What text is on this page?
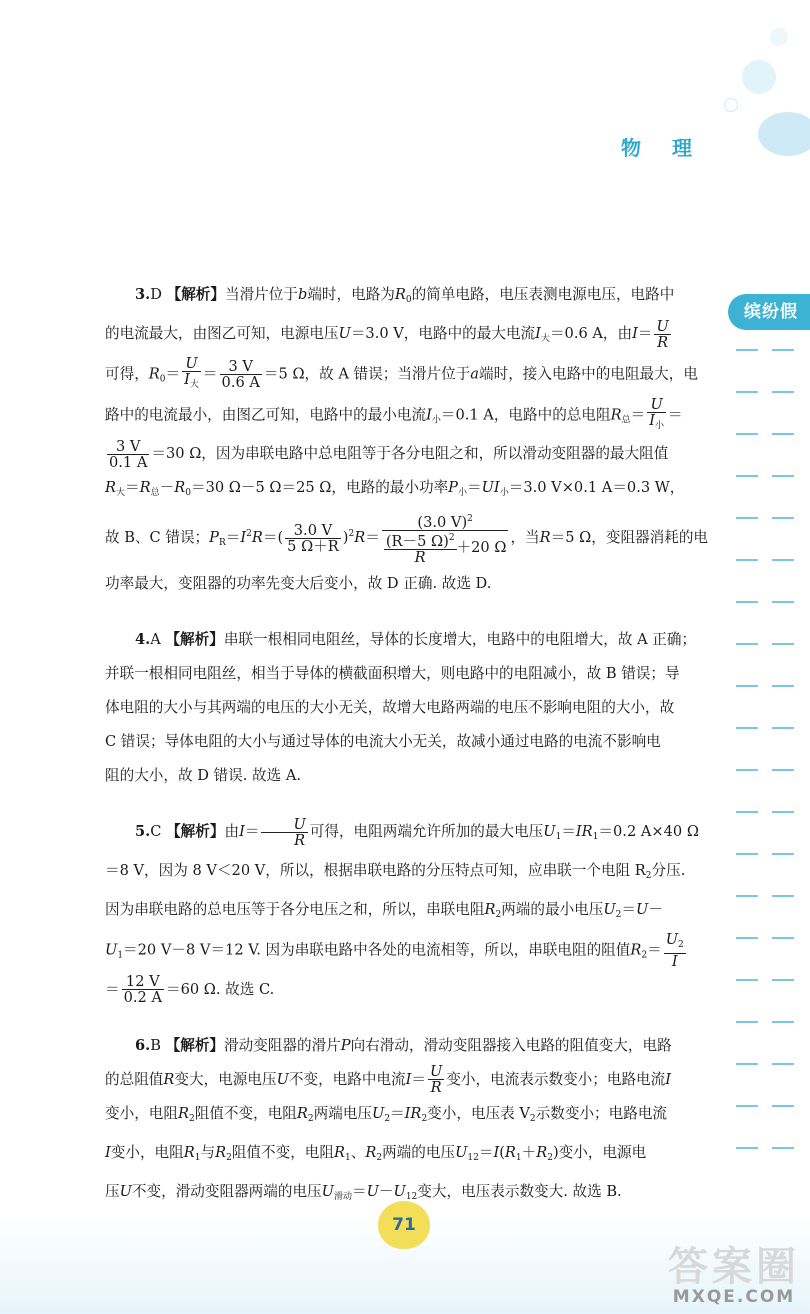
物 理
缤纷假
3.D 【解析】当滑片位于b端时，电路为$R_0$的简单电路，电压表测电源电压，电路中
的电流最大，由图乙可知，电源电压U＝3.0 V，电路中的最大电流$I_大=0.6$ A，由$I= \frac{U}{R}$
可得，$R_0= \frac{U}{I_大} = \frac{3 V}{0.6 A} =5$ Ω，故 A 错误；当滑片位于a端时，接入电路中的电阻最大，电
路中的电流最小，由图乙可知，电路中的最小电流$I_小=0.1$ A，电路中的总电阻$R_总= \frac{U}{I_小}$ ＝
$\frac{3 V}{0.1 A} =30$ Ω，因为串联电路中总电阻等于各分电阻之和，所以滑动变阻器的最大阻值
$R_大=R_总-R_0=30$ Ω－5 Ω＝25 Ω，电路的最小功率$P_小=UI_小=3.0$ V×0.1 A＝0.3 W，
故 B、C 错误；$P_R=I^2R=( \frac{3.0 V}{5 \Omega+R} )^2R= \frac{(3.0 V)^2}{\frac{(R-5 \Omega)^2}{R} +20 \Omega}$ ，当R＝5 Ω，变阻器消耗的电
功率最大，变阻器的功率先变大后变小，故 D 正确. 故选 D.
4.A 【解析】串联一根相同电阻丝，导体的长度增大，电路中的电阻增大，故 A 正确；
并联一根相同电阻丝，相当于导体的横截面积增大，则电路中的电阻减小，故 B 错误；导
体电阻的大小与其两端的电压的大小无关，故增大电路两端的电压不影响电阻的大小，故
C 错误；导体电阻的大小与通过导体的电流大小无关，故减小通过电路的电流不影响电
阻的大小，故 D 错误. 故选 A.
5.C 【解析】由$I= \frac{U}{R}$ 可得，电阻两端允许所加的最大电压$U_1=IR_1=0.2$ A×40 Ω
＝8 V，因为 8 V＜20 V，所以，根据串联电路的分压特点可知，应串联一个电阻 $R_2$分压.
因为串联电路的总电压等于各分电压之和，所以，串联电阻$R_2$两端的最小电压$U_2=U-$
$U_1=20$ V－8 V＝12 V. 因为串联电路中各处的电流相等，所以，串联电阻的阻值$R_2= \frac{U_2}{I}$
＝ $\frac{12 V}{0.2 A} =60$ Ω. 故选 C.
6.B 【解析】滑动变阻器的滑片P向右滑动，滑动变阻器接入电路的阻值变大，电路
的总阻值R变大，电源电压U不变，电路中电流$I= \frac{U}{R}$ 变小，电流表示数变小；电路电流I
变小，电阻$R_2$阻值不变，电阻$R_2$两端电压$U_2=IR_2$变小，电压表 $V_2$示数变小；电路电流
I变小，电阻$R_1$与$R_2$阻值不变，电阻$R_1$、$R_2$两端的电压$U_{12}=I(R_1+R_2)$变小，电源电
压U不变，滑动变阻器两端的电压$U_{滑动}=U-U_{12}$变大，电压表示数变大. 故选 B.
71
答案圈
MXQE.COM
